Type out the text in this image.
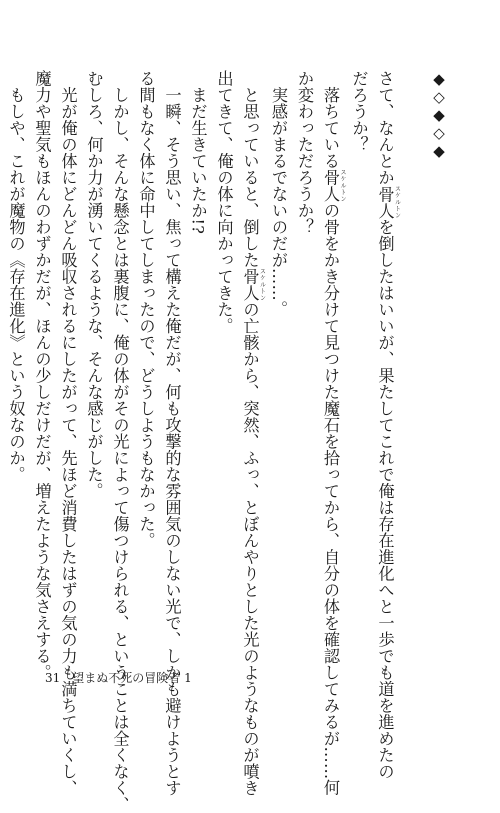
◆◇◆◇◆

さて、なんとか骨人 スケルトンを倒したはいいが、果たしてこれで俺は存在進化へと一歩でも道を進めたの
だろうか？
　落ちている骨人 スケルトンの骨をかき分けて見つけた魔石を拾ってから、自分の体を確認してみるが……何
か変わっただろうか？
　実感がまるでないのだが……。
　と思っていると、倒した骨人 スケルトンの亡骸から、突然、ふっ、とぼんやりとした光のようなものが噴き
出てきて、俺の体に向かってきた。
　まだ生きていたか!?
　一瞬、そう思い、焦って構えた俺だが、何も攻撃的な雰囲気のしない光で、しかも避けようとす
る間もなく体に命中してしまったので、どうしようもなかった。
　しかし、そんな懸念とは裏腹に、俺の体がその光によって傷つけられる、ということは全くなく、
むしろ、何か力が湧いてくるような、そんな感じがした。
　光が俺の体にどんどん吸収されるにしたがって、先ほど消費したはずの気の力も満ちていくし、
魔力や聖気もほんのわずかだが、ほんの少しだけだが、増えたような気さえする。
　もしや、これが魔物の《存在進化》という奴なのか。
31 望まぬ不死の冒険者 1
